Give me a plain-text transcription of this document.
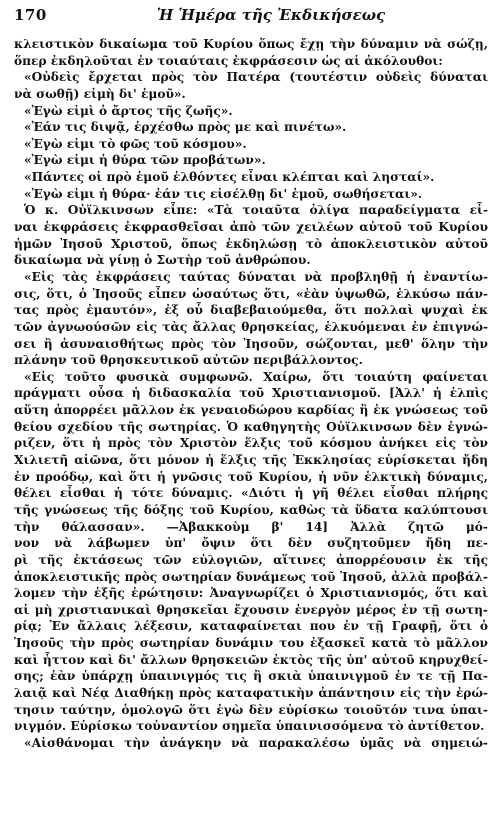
170	Ἡ Ἡμέρα τῆς Ἐκδικήσεως
κλειστικὸν δικαίωμα τοῦ Κυρίου ὅπως ἔχῃ τὴν δύναμιν νὰ σώζῃ,
ὅπερ ἐκδηλοῦται ἐν τοιαύταις ἐκφράσεσιν ὡς αἱ ἀκόλουθοι:
«Οὐδεὶς ἔρχεται πρὸς τὸν Πατέρα (τουτέστιν οὐδεὶς δύναται
νὰ σωθῇ) εἰμὴ δι' ἐμοῦ».
«Ἐγὼ εἰμὶ ὁ ἄρτος τῆς ζωῆς».
«Ἐάν τις διψᾷ, ἐρχέσθω πρὸς με καὶ πινέτω».
«Ἐγὼ εἰμι τὸ φῶς τοῦ κόσμου».
«Ἐγὼ εἰμι ἡ θύρα τῶν προβάτων».
«Πάντες οἱ πρὸ ἐμοῦ ἐλθόντες εἶναι κλέπται καὶ λησταί».
«Ἐγὼ εἰμι ἡ θύρα· ἐάν τις εἰσέλθῃ δι' ἐμοῦ, σωθήσεται».
Ὁ κ. Οὐϊλκινσων εἶπε: «Τὰ τοιαῦτα ὀλίγα παραδείγματα εἶ-
ναι ἐκφράσεις ἐκφρασθεῖσαι ἀπὸ τῶν χειλέων αὐτοῦ τοῦ Κυρίου
ἡμῶν Ἰησοῦ Χριστοῦ, ὅπως ἐκδηλώσῃ τὸ ἀποκλειστικὸν αὐτοῦ
δικαίωμα νὰ γίνῃ ὁ Σωτὴρ τοῦ ἀνθρώπου.
«Εἰς τὰς ἐκφράσεις ταύτας δύναται νὰ προβληθῇ ἡ ἐναντίω-
σις, ὅτι, ὁ Ἰησοῦς εἶπεν ὡσαύτως ὅτι, «ἐὰν ὑψωθῶ, ἑλκύσω πάν-
τας πρὸς ἐμαυτόν», ἐξ οὗ διαβεβαιούμεθα, ὅτι πολλαὶ ψυχαὶ ἐκ
τῶν ἀγνωούσῶν εἰς τὰς ἄλλας θρησκείας, ἑλκυόμεναι ἐν ἐπιγνώ-
σει ἢ ἀσυναισθήτως πρὸς τὸν Ἰησοῦν, σώζονται, μεθ' ὅλην τὴν
πλάνην τοῦ θρησκευτικοῦ αὐτῶν περιβάλλοντος.
«Εἰς τοῦτο φυσικὰ συμφωνῶ. Χαίρω, ὅτι τοιαύτη φαίνεται
πράγματι οὖσα ἡ διδασκαλία τοῦ Χριστιανισμοῦ. [Ἀλλ' ἡ ἐλπὶς
αὕτη ἀπορρέει μᾶλλον ἐκ γεναιοδώρου καρδίας ἢ ἐκ γνώσεως τοῦ
θείου σχεδίου τῆς σωτηρίας. Ὁ καθηγητὴς Οὐϊλκινσων δὲν ἐγνώ-
ριζεν, ὅτι ἡ πρὸς τὸν Χριστὸν ἕλξις τοῦ κόσμου ἀνήκει εἰς τὸν
Χιλιετῆ αἰῶνα, ὅτι μόνον ἡ ἕλξις τῆς Ἐκκλησίας εὑρίσκεται ἤδη
ἐν προόδῳ, καὶ ὅτι ἡ γνῶσις τοῦ Κυρίου, ἡ νῦν ἑλκτικὴ δύναμις,
θέλει εἶσθαι ἡ τότε δύναμις. «Διότι ἡ γῆ θέλει εἶσθαι πλήρης
τῆς γνώσεως τῆς δόξης τοῦ Κυρίου, καθὼς τὰ ὕδατα καλύπτουσι
τὴν θάλασσαν». —Ἀβακκοὺμ β' 14] Ἀλλὰ ζητῶ μό-
νον νὰ λάβωμεν ὑπ' ὄψιν ὅτι δὲν συζητοῦμεν ἤδη πε-
ρὶ τῆς ἐκτάσεως τῶν εὐλογιῶν, αἵτινες ἀπορρέουσιν ἐκ τῆς
ἀποκλειστικῆς πρὸς σωτηρίαν δυνάμεως τοῦ Ἰησοῦ, ἀλλὰ προβάλ-
λομεν τὴν ἑξῆς ἐρώτησιν: Ἀναγνωρίζει ὁ Χριστιανισμός, ὅτι καὶ
αἱ μὴ χριστιανικαὶ θρησκεῖαι ἔχουσιν ἐνεργὸν μέρος ἐν τῇ σωτη-
ρίᾳ; Ἐν ἄλλαις λέξεσιν, καταφαίνεται που ἐν τῇ Γραφῇ, ὅτι ὁ
Ἰησοῦς τὴν πρὸς σωτηρίαν δυνάμιν του ἐξασκεῖ κατὰ τὸ μᾶλλον
καὶ ἧττον καὶ δι' ἄλλων θρησκειῶν ἐκτὸς τῆς ὑπ' αὐτοῦ κηρυχθεί-
σης; ἐὰν ὑπάρχῃ ὑπαινιγμός τις ἢ σκιὰ ὑπαινιγμοῦ ἐν τε τῇ Πα-
λαιᾷ καὶ Νέᾳ Διαθήκῃ πρὸς καταφατικὴν ἀπάντησιν εἰς τὴν ἐρώ-
τησιν ταύτην, ὁμολογῶ ὅτι ἐγὼ δὲν εὑρίσκω τοιοῦτόν τινα ὑπαι-
νιγμόν. Εὑρίσκω τοὐναντίον σημεῖα ὑπαινισσόμενα τὸ ἀντίθετον.
«Αἰσθάνομαι τὴν ἀνάγκην νὰ παρακαλέσω ὑμᾶς νὰ σημειώ-
